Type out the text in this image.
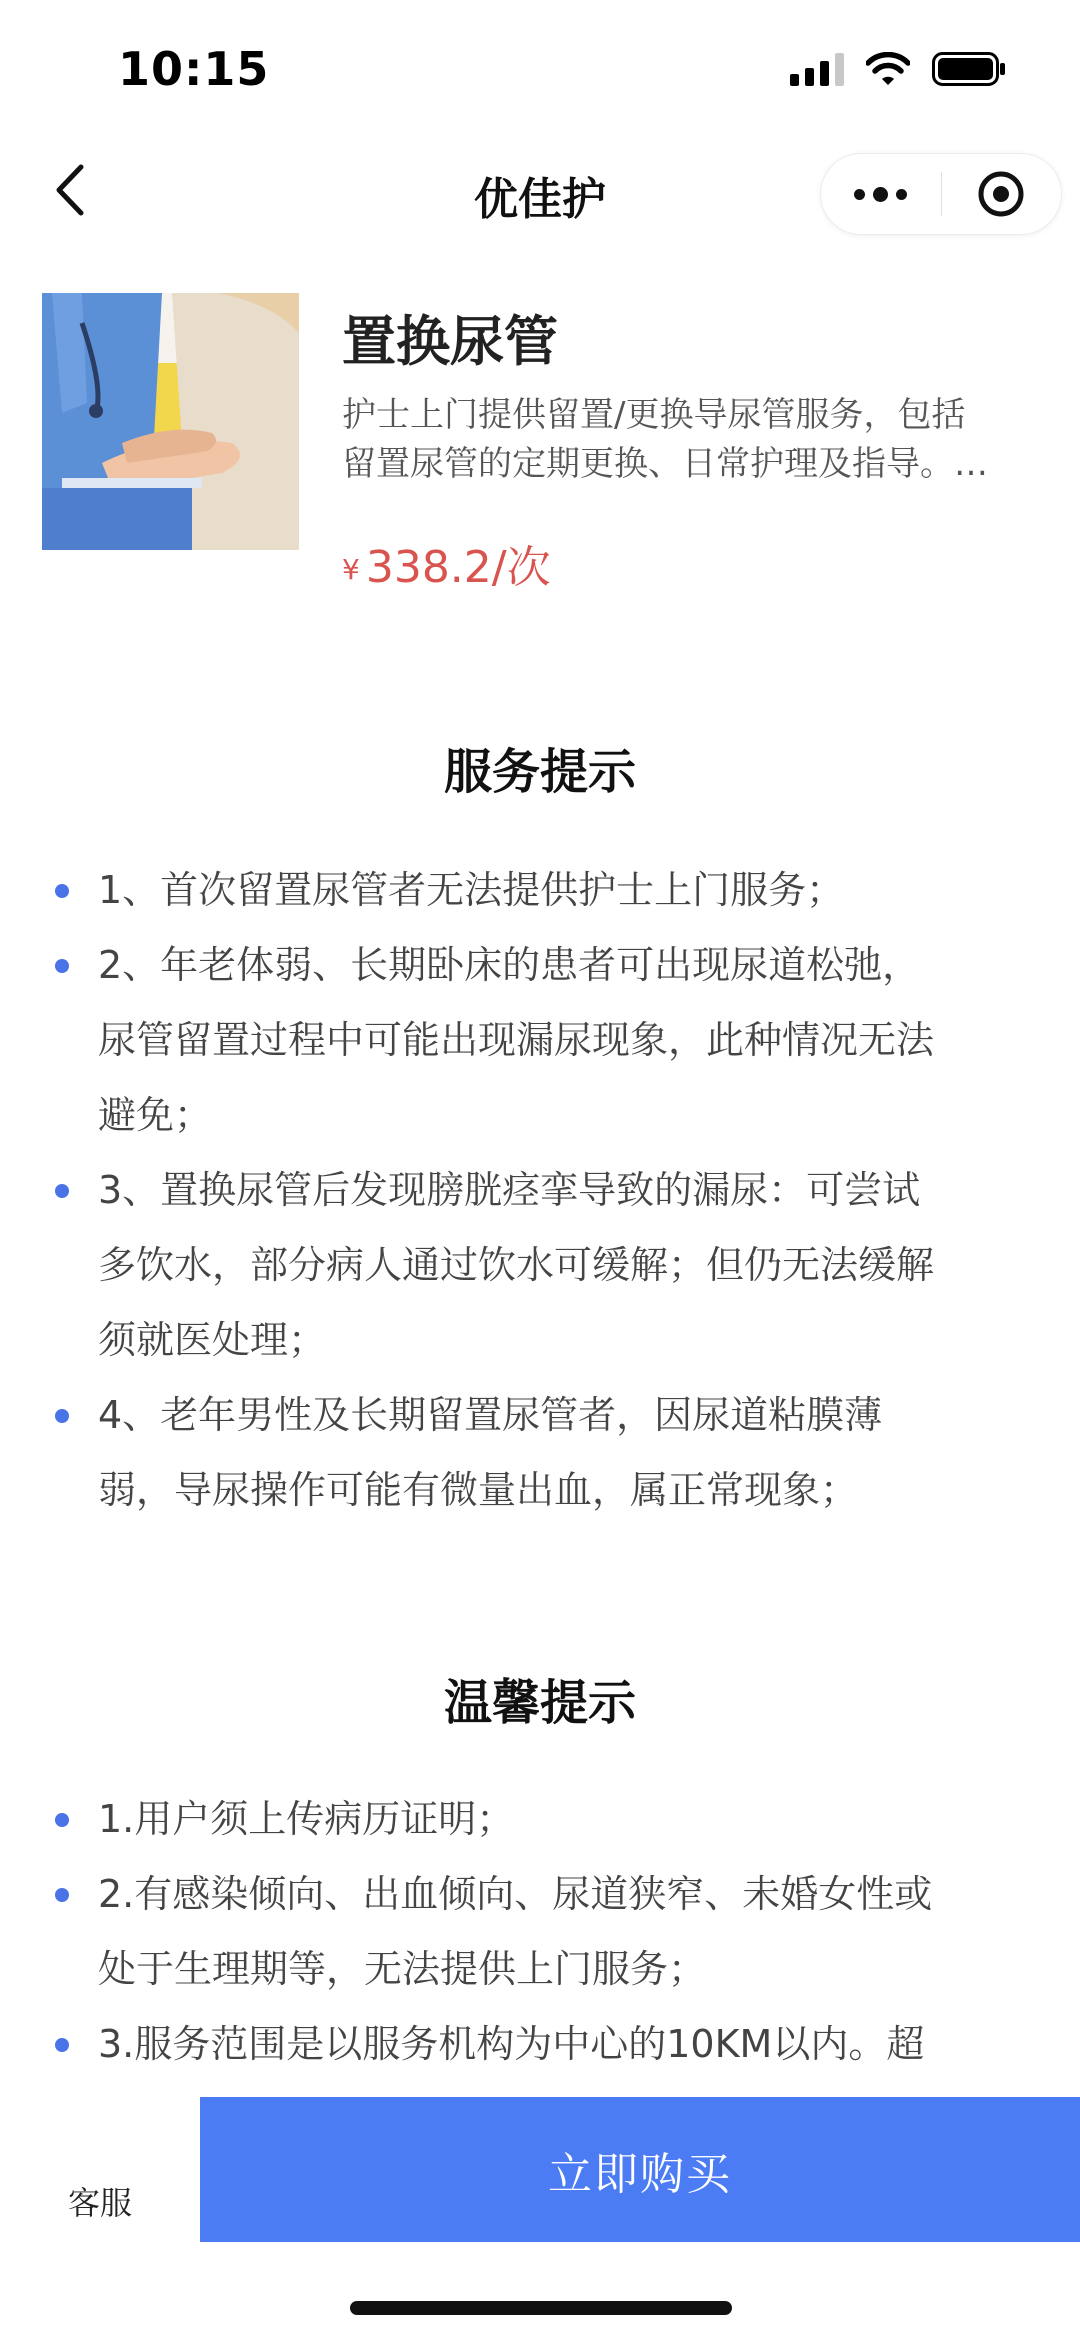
10:15
优佳护
置换尿管
护士上门提供留置/更换导尿管服务，包括
留置尿管的定期更换、日常护理及指导。…
¥ 338.2/次
服务提示
1、首次留置尿管者无法提供护士上门服务；
2、年老体弱、长期卧床的患者可出现尿道松弛，
尿管留置过程中可能出现漏尿现象，此种情况无法
避免；
3、置换尿管后发现膀胱痉挛导致的漏尿：可尝试
多饮水，部分病人通过饮水可缓解；但仍无法缓解
须就医处理；
4、老年男性及长期留置尿管者，因尿道粘膜薄
弱，导尿操作可能有微量出血，属正常现象；
温馨提示
1.用户须上传病历证明；
2.有感染倾向、出血倾向、尿道狭窄、未婚女性或
处于生理期等，无法提供上门服务；
3.服务范围是以服务机构为中心的10KM以内。超
客服
立即购买
